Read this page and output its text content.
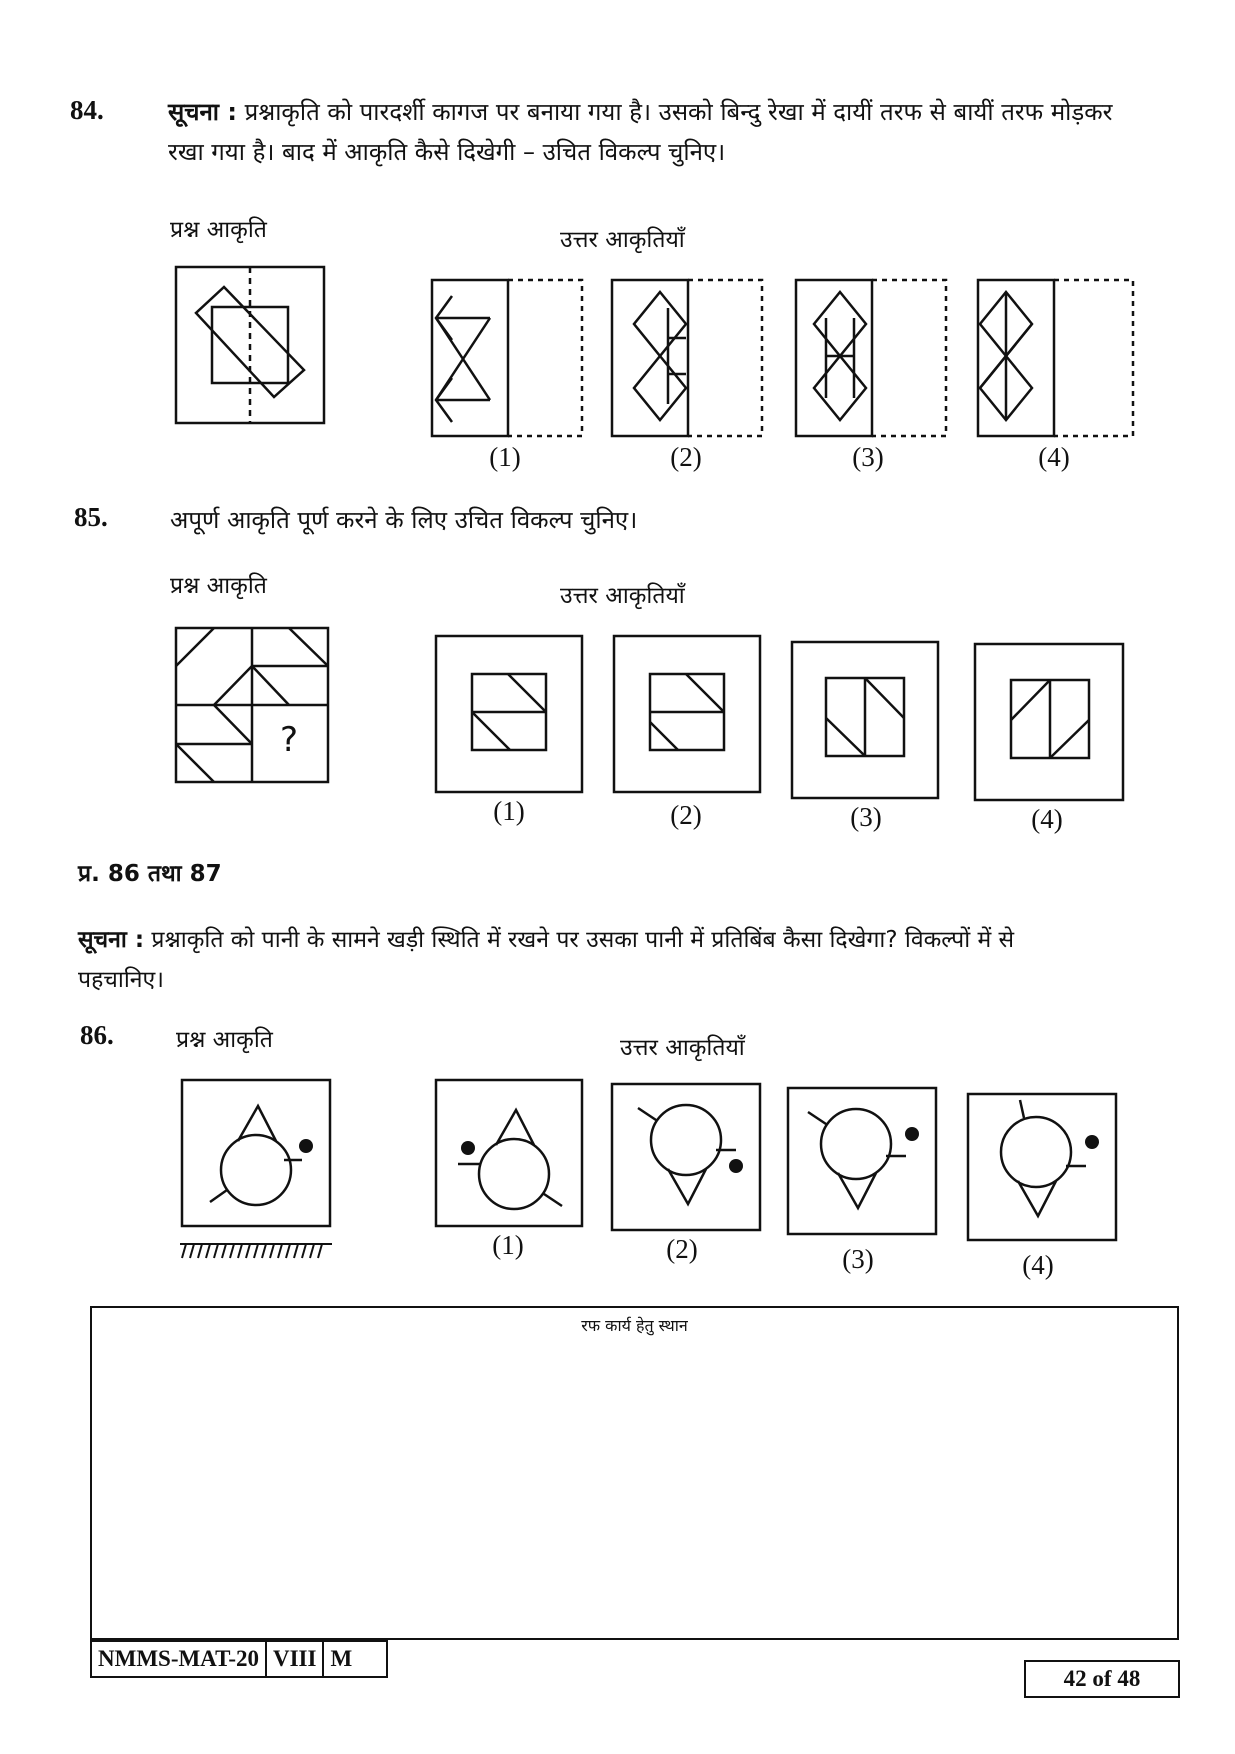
84.	सूचना : प्रश्नाकृति को पारदर्शी कागज पर बनाया गया है। उसको बिन्दु रेखा में दायीं तरफ से बायीं तरफ मोड़कर
रखा गया है। बाद में आकृति कैसे दिखेगी – उचित विकल्प चुनिए।
प्रश्न आकृति	उत्तर आकृतियाँ
(1)	(2)	(3)	(4)
85.	अपूर्ण आकृति पूर्ण करने के लिए उचित विकल्प चुनिए।
प्रश्न आकृति	उत्तर आकृतियाँ
?
(1)	(2)	(3)	(4)
प्र. 86 तथा 87
सूचना : प्रश्नाकृति को पानी के सामने खड़ी स्थिति में रखने पर उसका पानी में प्रतिबिंब कैसा दिखेगा? विकल्पों में से
पहचानिए।
86.	प्रश्न आकृति	उत्तर आकृतियाँ
(1)	(2)	(3)	(4)
रफ कार्य हेतु स्थान
NMMS-MAT-20 VIII M
42 of 48
